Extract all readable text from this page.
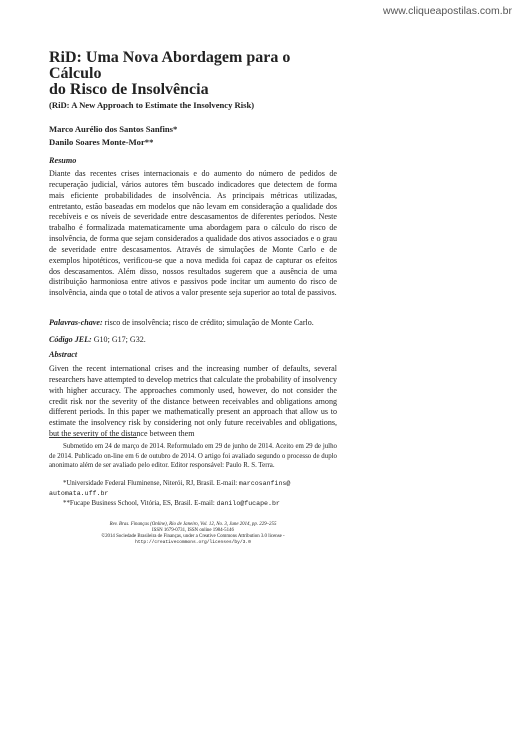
www.cliqueapostilas.com.br

RiD: Uma Nova Abordagem para o Cálculo

do Risco de Insolvência

(RiD: A New Approach to Estimate the Insolvency Risk)

Marco Aurélio dos Santos Sanfins*
Danilo Soares Monte-Mor**

Resumo

Diante das recentes crises internacionais e do aumento do número de pedidos de recuperação judicial, vários autores têm buscado indicadores que detectem de forma mais eficiente probabilidades de insolvência. As principais métricas utilizadas, entretanto, estão baseadas em modelos que não levam em consideração a qualidade dos recebíveis e os níveis de severidade entre descasamentos de diferentes períodos. Neste trabalho é formalizada matematicamente uma abordagem para o cálculo do risco de insolvência, de forma que sejam considerados a qualidade dos ativos associados e o grau de severidade entre descasamentos. Através de simulações de Monte Carlo e de exemplos hipotéticos, verificou-se que a nova medida foi capaz de capturar os efeitos dos descasamentos. Além disso, nossos resultados sugerem que a ausência de uma distribuição harmoniosa entre ativos e passivos pode incitar um aumento do risco de insolvência, ainda que o total de ativos a valor presente seja superior ao total de passivos.

Palavras-chave: risco de insolvência; risco de crédito; simulação de Monte Carlo.

Código JEL: G10; G17; G32.

Abstract

Given the recent international crises and the increasing number of defaults, several researchers have attempted to develop metrics that calculate the probability of insolvency with higher accuracy. The approaches commonly used, however, do not consider the credit risk nor the severity of the distance between receivables and obligations among different periods. In this paper we mathematically present an approach that allow us to estimate the insolvency risk by considering not only future receivables and obligations, but the severity of the distance between them

Submetido em 24 de março de 2014. Reformulado em 29 de junho de 2014. Aceito em 29 de julho de 2014. Publicado on-line em 6 de outubro de 2014. O artigo foi avaliado segundo o processo de duplo anonimato além de ser avaliado pelo editor. Editor responsável: Paulo R. S. Terra.

*Universidade Federal Fluminense, Niterói, RJ, Brasil. E-mail: marcosanfins@
automata.uff.br

**Fucape Business School, Vitória, ES, Brasil. E-mail: danilo@fucape.br

Rev. Bras. Finanças (Online), Rio de Janeiro, Vol. 12, No. 3, June 2014, pp. 229–255
ISSN 1679-0731, ISSN online 1984-5146
©2014 Sociedade Brasileira de Finanças, under a Creative Commons Attribution 3.0 license -
http://creativecommons.org/licenses/by/3.0
